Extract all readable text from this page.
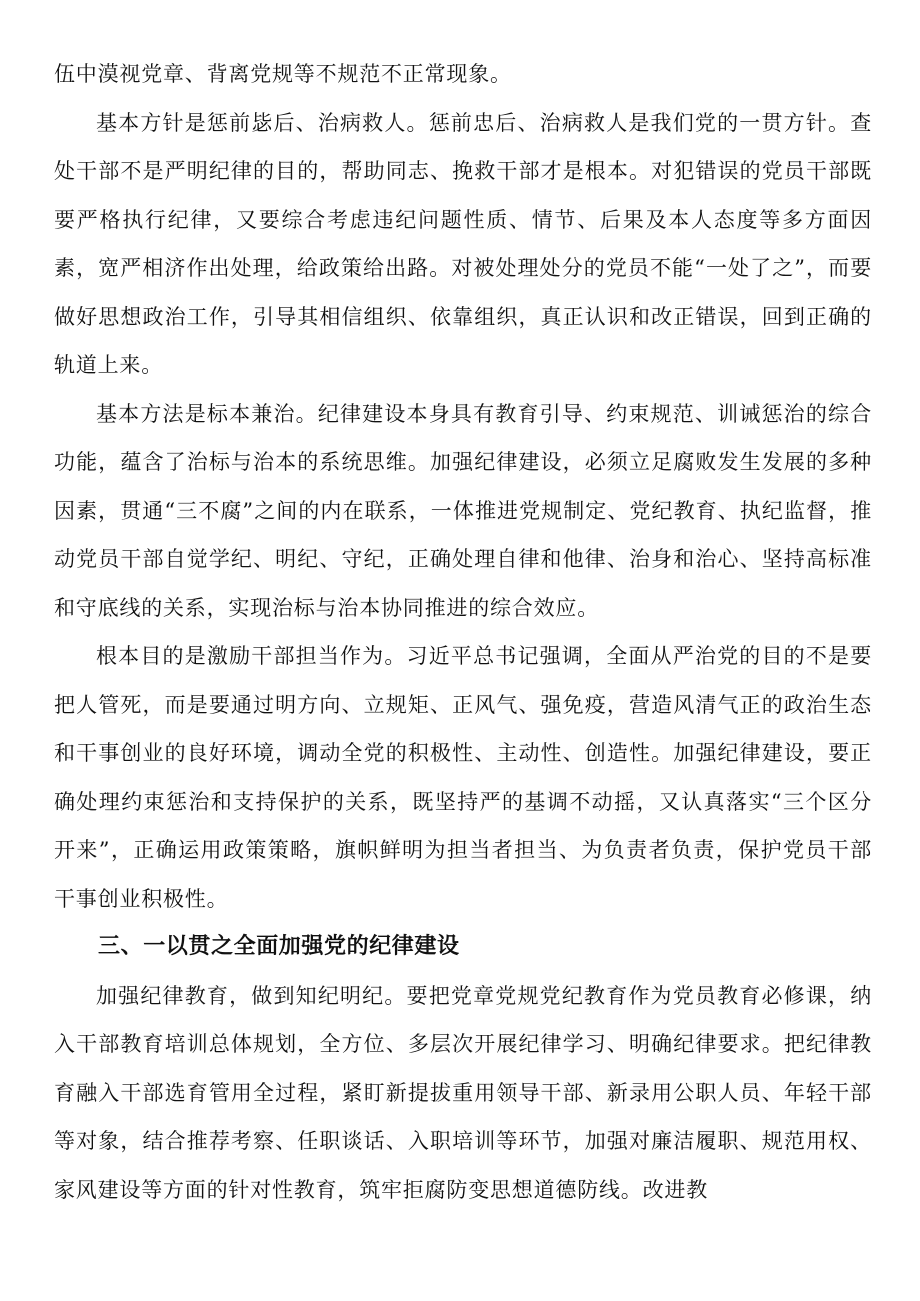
伍中漠视党章、背离党规等不规范不正常现象。

基本方针是惩前毖后、治病救人。惩前忠后、治病救人是我们党的一贯方针。查处干部不是严明纪律的目的，帮助同志、挽救干部才是根本。对犯错误的党员干部既要严格执行纪律，又要综合考虑违纪问题性质、情节、后果及本人态度等多方面因素，宽严相济作出处理，给政策给出路。对被处理处分的党员不能“一处了之”，而要做好思想政治工作，引导其相信组织、依靠组织，真正认识和改正错误，回到正确的轨道上来。

基本方法是标本兼治。纪律建设本身具有教育引导、约束规范、训诫惩治的综合功能，蕴含了治标与治本的系统思维。加强纪律建设，必须立足腐败发生发展的多种因素，贯通“三不腐”之间的内在联系，一体推进党规制定、党纪教育、执纪监督，推动党员干部自觉学纪、明纪、守纪，正确处理自律和他律、治身和治心、坚持高标准和守底线的关系，实现治标与治本协同推进的综合效应。

根本目的是激励干部担当作为。习近平总书记强调，全面从严治党的目的不是要把人管死，而是要通过明方向、立规矩、正风气、强免疫，营造风清气正的政治生态和干事创业的良好环境，调动全党的积极性、主动性、创造性。加强纪律建设，要正确处理约束惩治和支持保护的关系，既坚持严的基调不动摇，又认真落实“三个区分开来”，正确运用政策策略，旗帜鲜明为担当者担当、为负责者负责，保护党员干部干事创业积极性。

三、一以贯之全面加强党的纪律建设

加强纪律教育，做到知纪明纪。要把党章党规党纪教育作为党员教育必修课，纳入干部教育培训总体规划，全方位、多层次开展纪律学习、明确纪律要求。把纪律教育融入干部选育管用全过程，紧盯新提拔重用领导干部、新录用公职人员、年轻干部等对象，结合推荐考察、任职谈话、入职培训等环节，加强对廉洁履职、规范用权、家风建设等方面的针对性教育，筑牢拒腐防变思想道德防线。改进教
